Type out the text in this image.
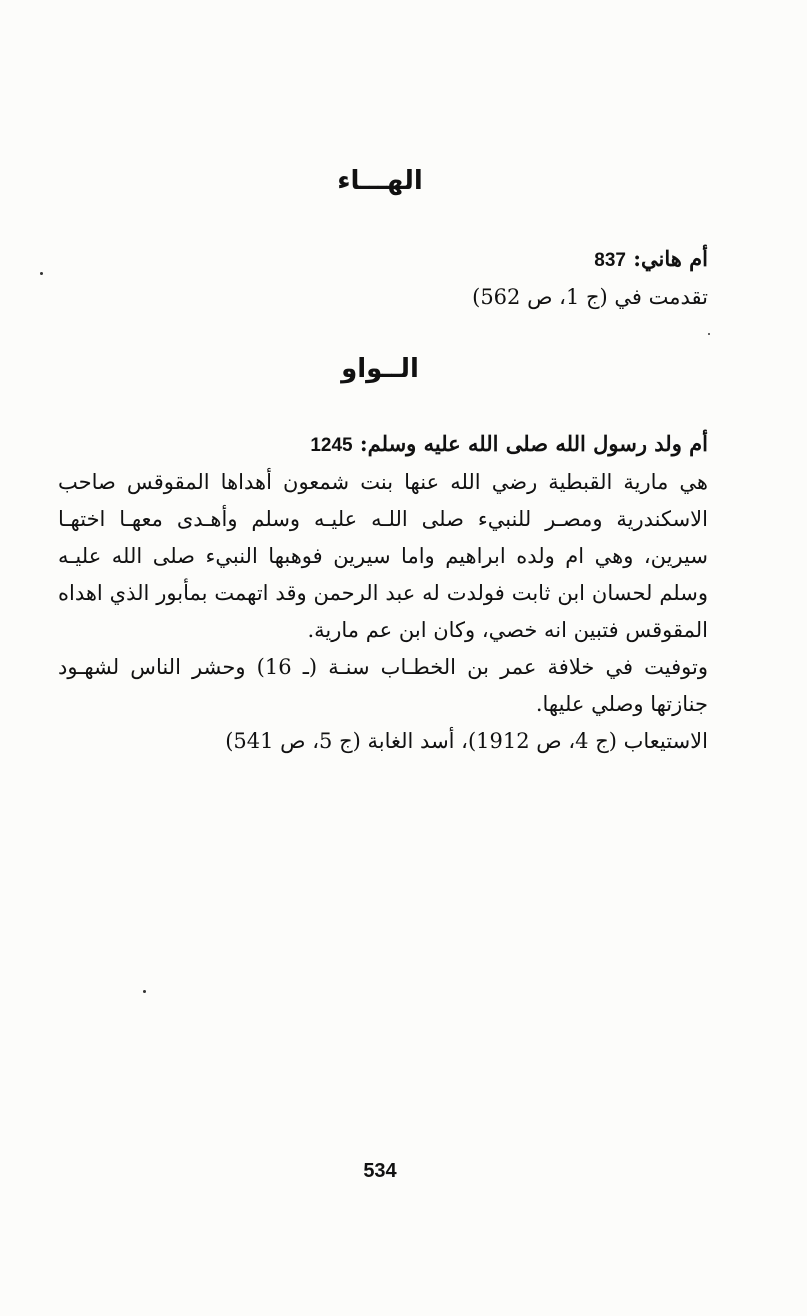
الهـــاء

أم هاني: 837

تقدمت في (ج 1، ص 562)

الــواو

أم ولد رسول الله صلى الله عليه وسلم: 1245

هي مارية القبطية رضي الله عنها بنت شمعون أهداها المقوقس صاحب الاسكندرية ومصـر للنبيء صلى اللـه عليـه وسلم وأهـدى معهـا اختهـا سيرين، وهي ام ولده ابراهيم واما سيرين فوهبها النبيء صلى الله عليـه وسلم لحسان ابن ثابت فولدت له عبد الرحمن وقد اتهمت بمأبور الذي اهداه المقوقس فتبين انه خصي، وكان ابن عم مارية.

وتوفيت في خلافة عمر بن الخطـاب سنـة (ـ 16) وحشر الناس لشهـود جنازتها وصلي عليها.

الاستيعاب (ج 4، ص 1912)، أسد الغابة (ج 5، ص 541)

534
